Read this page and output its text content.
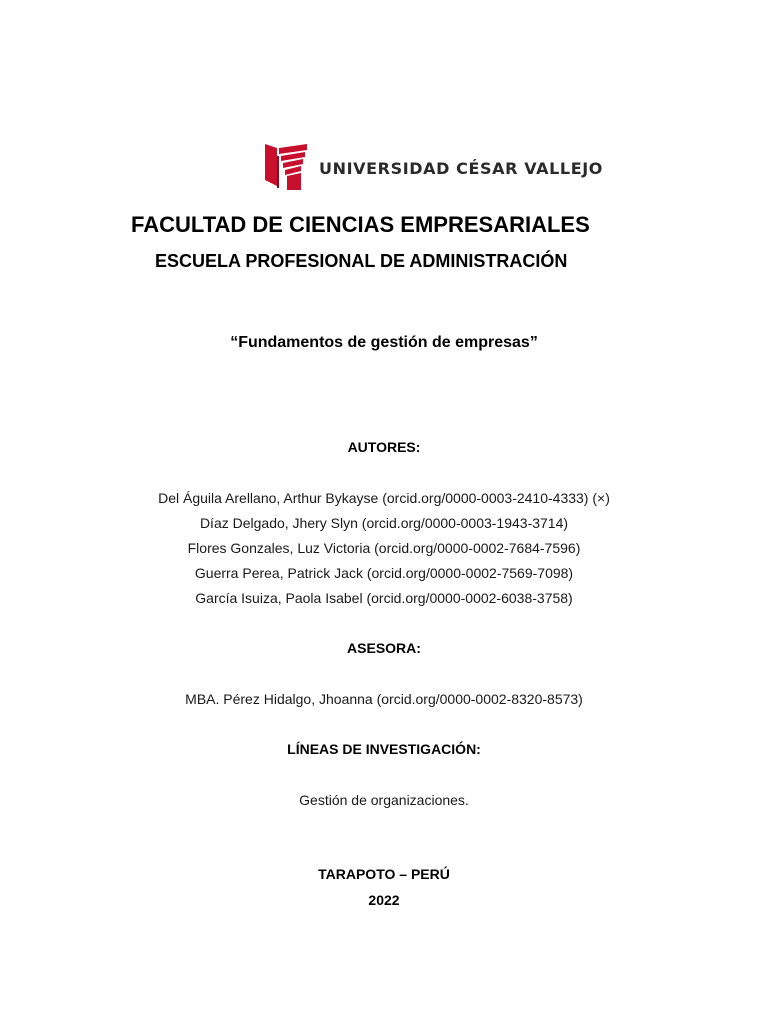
UNIVERSIDAD CÉSAR VALLEJO
FACULTAD DE CIENCIAS EMPRESARIALES
ESCUELA PROFESIONAL DE ADMINISTRACIÓN
“Fundamentos de gestión de empresas”
AUTORES:
Del Águila Arellano, Arthur Bykayse (orcid.org/0000-0003-2410-4333) (×)
Díaz Delgado, Jhery Slyn (orcid.org/0000-0003-1943-3714)
Flores Gonzales, Luz Victoria (orcid.org/0000-0002-7684-7596)
Guerra Perea, Patrick Jack (orcid.org/0000-0002-7569-7098)
García Isuiza, Paola Isabel (orcid.org/0000-0002-6038-3758)
ASESORA:
MBA. Pérez Hidalgo, Jhoanna (orcid.org/0000-0002-8320-8573)
LÍNEAS DE INVESTIGACIÓN:
Gestión de organizaciones.
TARAPOTO – PERÚ
2022
